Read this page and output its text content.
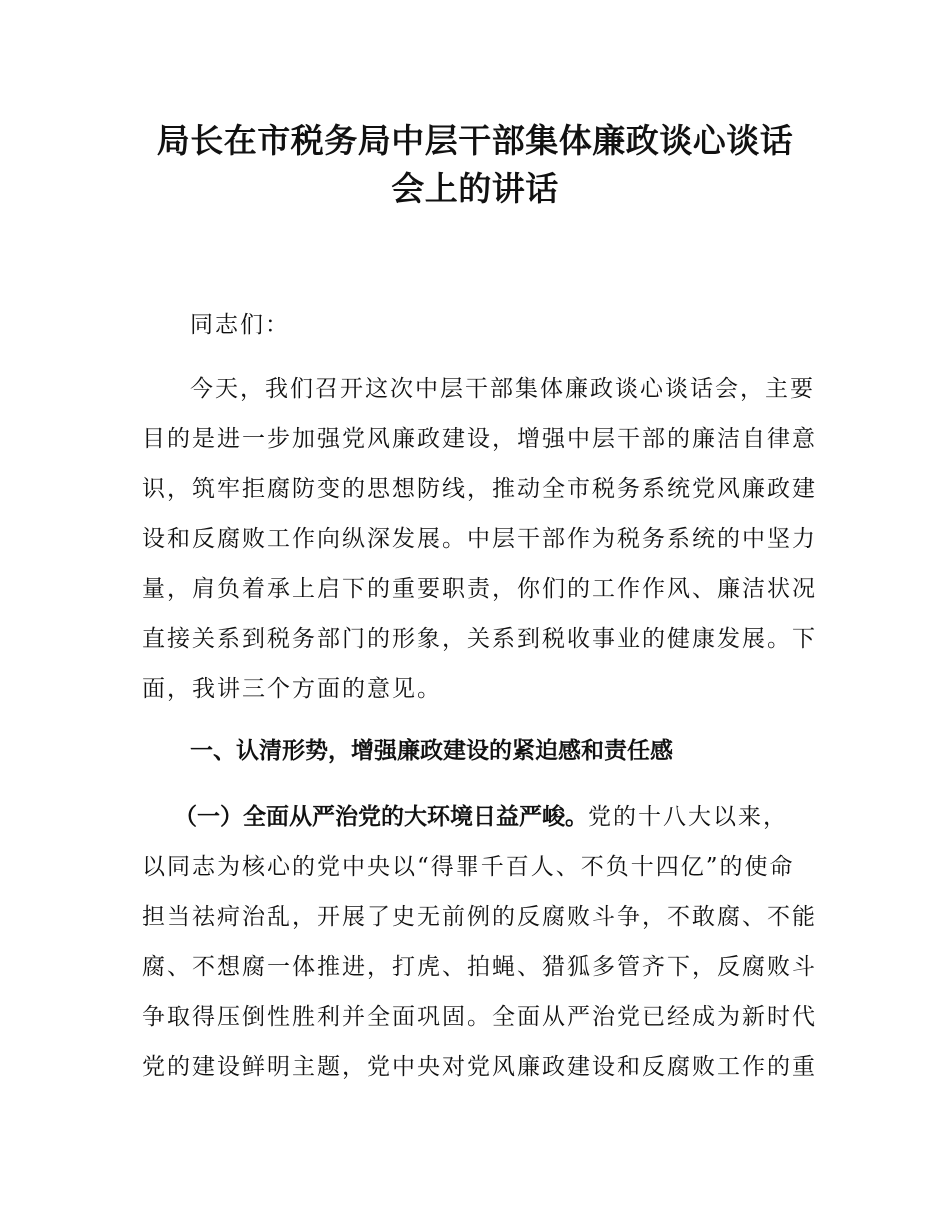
局长在市税务局中层干部集体廉政谈心谈话
会上的讲话

同志们：

今天，我们召开这次中层干部集体廉政谈心谈话会，主要

目的是进一步加强党风廉政建设，增强中层干部的廉洁自律意

识，筑牢拒腐防变的思想防线，推动全市税务系统党风廉政建

设和反腐败工作向纵深发展。中层干部作为税务系统的中坚力

量，肩负着承上启下的重要职责，你们的工作作风、廉洁状况

直接关系到税务部门的形象，关系到税收事业的健康发展。下

面，我讲三个方面的意见。

一、认清形势，增强廉政建设的紧迫感和责任感

（一）全面从严治党的大环境日益严峻。党的十八大以来，

以同志为核心的党中央以“得罪千百人、不负十四亿”的使命

担当祛疴治乱，开展了史无前例的反腐败斗争，不敢腐、不能

腐、不想腐一体推进，打虎、拍蝇、猎狐多管齐下，反腐败斗

争取得压倒性胜利并全面巩固。全面从严治党已经成为新时代

党的建设鲜明主题，党中央对党风廉政建设和反腐败工作的重
